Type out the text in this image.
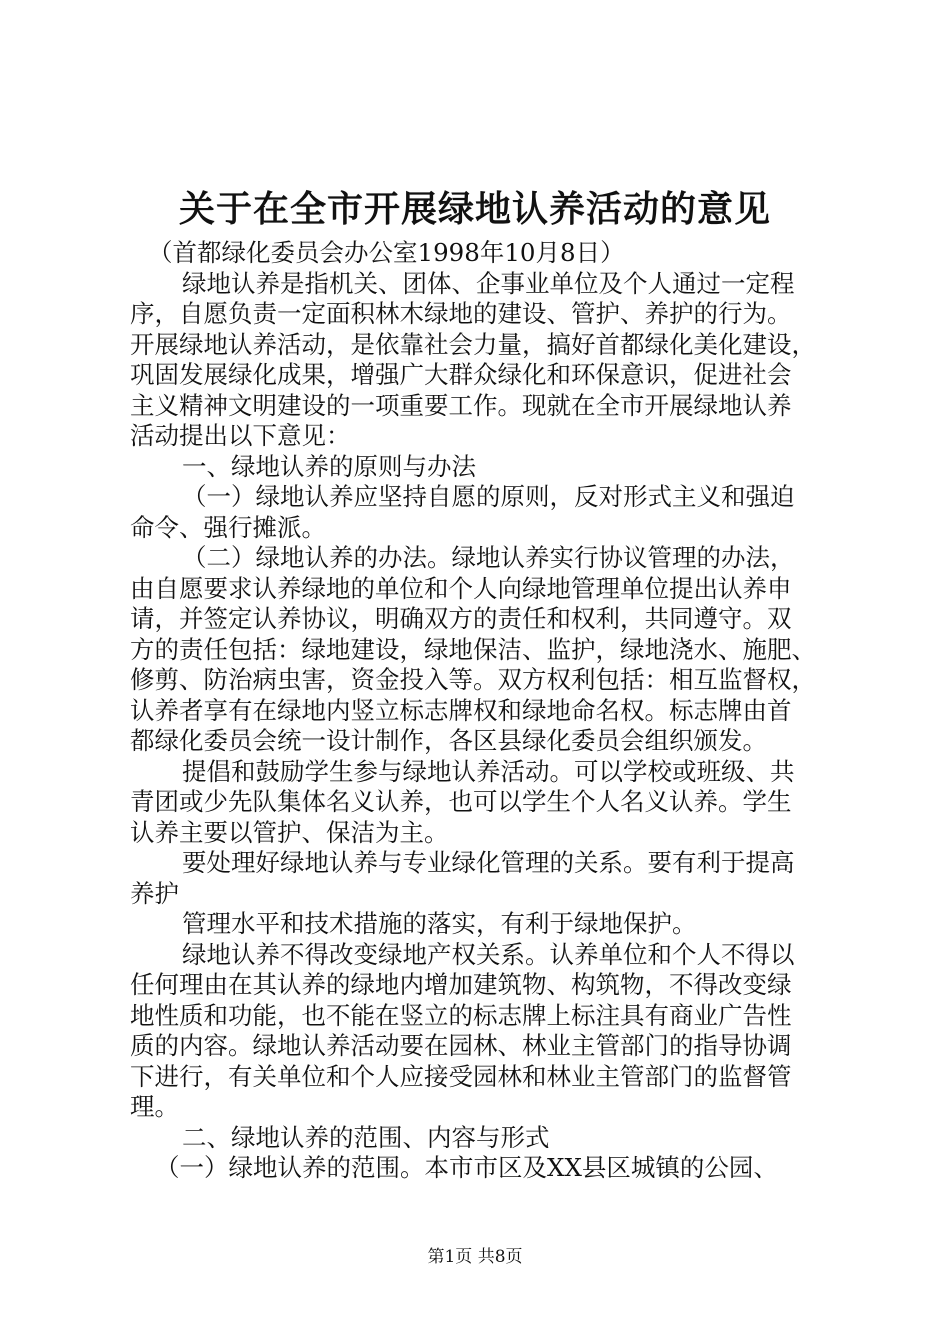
关于在全市开展绿地认养活动的意见
（首都绿化委员会办公室1998年10月8日）
绿地认养是指机关、团体、企事业单位及个人通过一定程
序，自愿负责一定面积林木绿地的建设、管护、养护的行为。
开展绿地认养活动，是依靠社会力量，搞好首都绿化美化建设，
巩固发展绿化成果，增强广大群众绿化和环保意识，促进社会
主义精神文明建设的一项重要工作。现就在全市开展绿地认养
活动提出以下意见：
一、绿地认养的原则与办法
（一）绿地认养应坚持自愿的原则，反对形式主义和强迫
命令、强行摊派。
（二）绿地认养的办法。绿地认养实行协议管理的办法，
由自愿要求认养绿地的单位和个人向绿地管理单位提出认养申
请，并签定认养协议，明确双方的责任和权利，共同遵守。双
方的责任包括：绿地建设，绿地保洁、监护，绿地浇水、施肥、
修剪、防治病虫害，资金投入等。双方权利包括：相互监督权，
认养者享有在绿地内竖立标志牌权和绿地命名权。标志牌由首
都绿化委员会统一设计制作，各区县绿化委员会组织颁发。
提倡和鼓励学生参与绿地认养活动。可以学校或班级、共
青团或少先队集体名义认养，也可以学生个人名义认养。学生
认养主要以管护、保洁为主。
要处理好绿地认养与专业绿化管理的关系。要有利于提高
养护
管理水平和技术措施的落实，有利于绿地保护。
绿地认养不得改变绿地产权关系。认养单位和个人不得以
任何理由在其认养的绿地内增加建筑物、构筑物，不得改变绿
地性质和功能，也不能在竖立的标志牌上标注具有商业广告性
质的内容。绿地认养活动要在园林、林业主管部门的指导协调
下进行，有关单位和个人应接受园林和林业主管部门的监督管
理。
二、绿地认养的范围、内容与形式
（一）绿地认养的范围。本市市区及XX县区城镇的公园、
第1页 共8页
